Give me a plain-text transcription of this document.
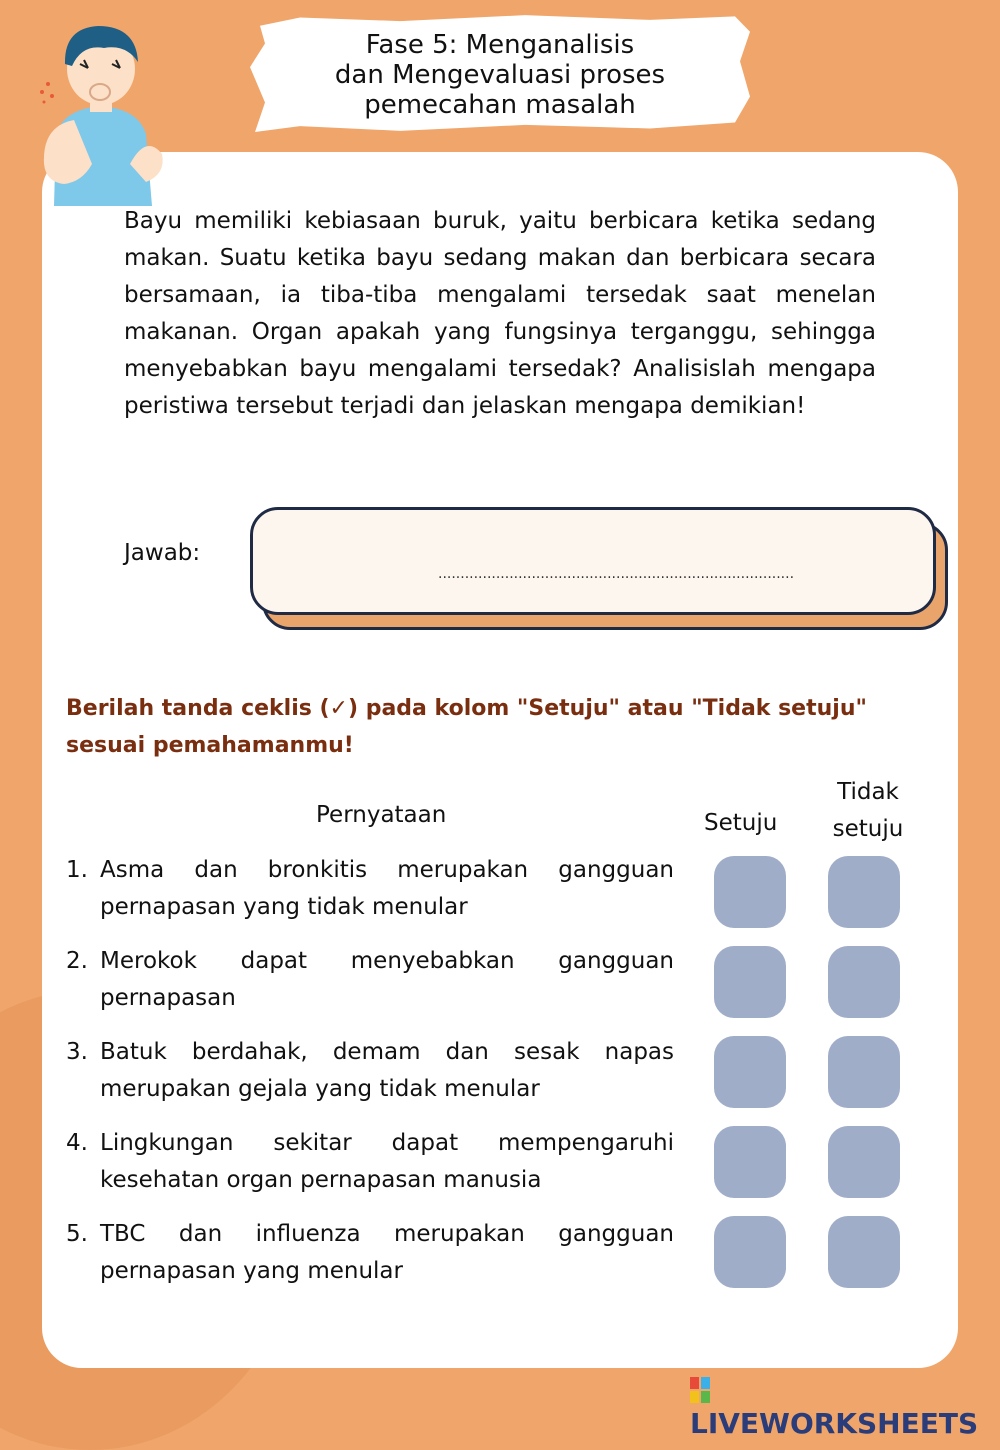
Fase 5: Menganalisis
dan Mengevaluasi proses
pemecahan masalah
Bayu memiliki kebiasaan buruk, yaitu berbicara ketika sedang makan. Suatu ketika bayu sedang makan dan berbicara secara bersamaan, ia tiba-tiba mengalami tersedak saat menelan makanan. Organ apakah yang fungsinya terganggu, sehingga menyebabkan bayu mengalami tersedak? Analisislah mengapa peristiwa tersebut terjadi dan jelaskan mengapa demikian!
Jawab:
................................................................................
Berilah tanda ceklis (✓) pada kolom "Setuju" atau "Tidak setuju" sesuai pemahamanmu!
Pernyataan	Setuju
Tidak
setuju
1. Asma dan bronkitis merupakan gangguan pernapasan yang tidak menular
2. Merokok dapat menyebabkan gangguan pernapasan
3. Batuk berdahak, demam dan sesak napas merupakan gejala yang tidak menular
4. Lingkungan sekitar dapat mempengaruhi kesehatan organ pernapasan manusia
5. TBC dan influenza merupakan gangguan pernapasan yang menular
LIVEWORKSHEETS
